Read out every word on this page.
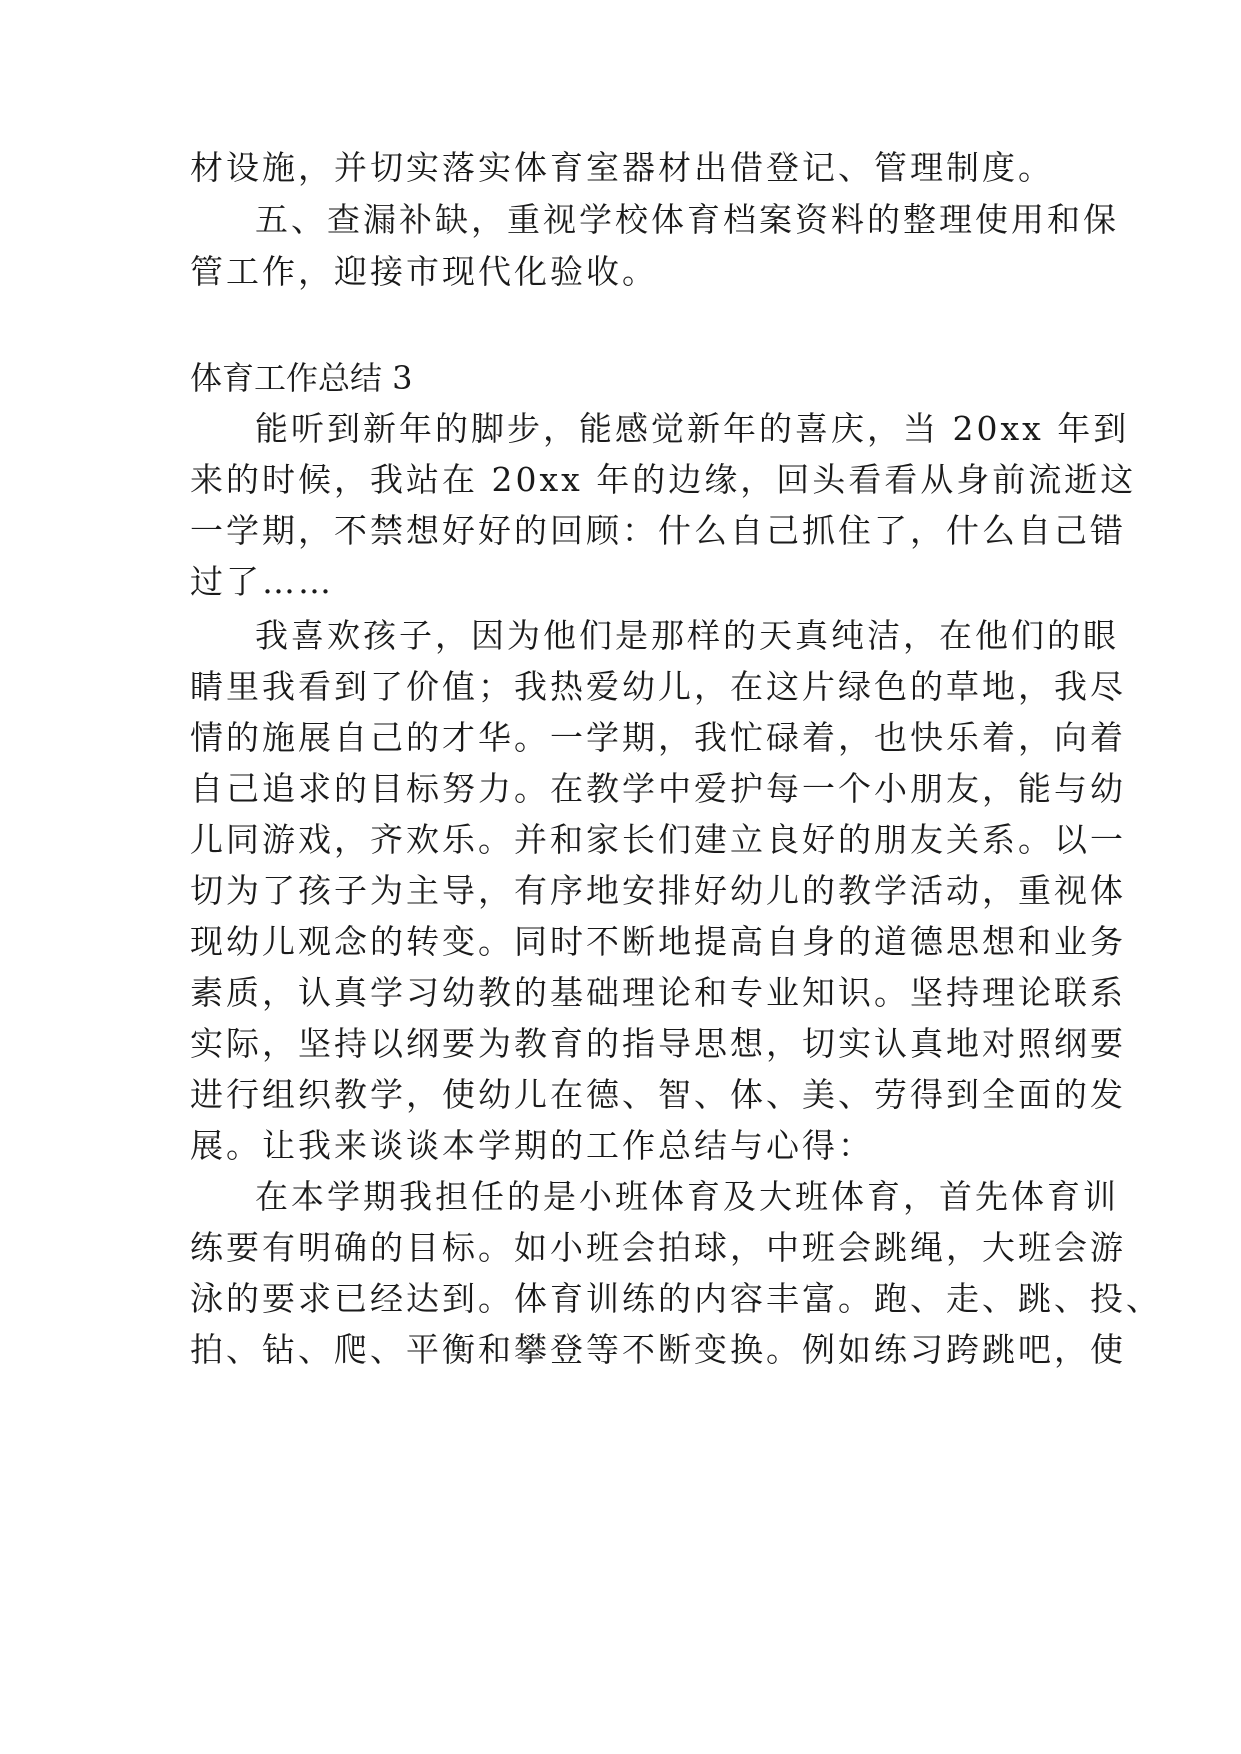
材设施，并切实落实体育室器材出借登记、管理制度。
五、查漏补缺，重视学校体育档案资料的整理使用和保
管工作，迎接市现代化验收。
体育工作总结 3
能听到新年的脚步，能感觉新年的喜庆，当 20xx 年到
来的时候，我站在 20xx 年的边缘，回头看看从身前流逝这
一学期，不禁想好好的回顾：什么自己抓住了，什么自己错
过了……
我喜欢孩子，因为他们是那样的天真纯洁，在他们的眼
睛里我看到了价值；我热爱幼儿，在这片绿色的草地，我尽
情的施展自己的才华。一学期，我忙碌着，也快乐着，向着
自己追求的目标努力。在教学中爱护每一个小朋友，能与幼
儿同游戏，齐欢乐。并和家长们建立良好的朋友关系。以一
切为了孩子为主导，有序地安排好幼儿的教学活动，重视体
现幼儿观念的转变。同时不断地提高自身的道德思想和业务
素质，认真学习幼教的基础理论和专业知识。坚持理论联系
实际，坚持以纲要为教育的指导思想，切实认真地对照纲要
进行组织教学，使幼儿在德、智、体、美、劳得到全面的发
展。让我来谈谈本学期的工作总结与心得：
在本学期我担任的是小班体育及大班体育，首先体育训
练要有明确的目标。如小班会拍球，中班会跳绳，大班会游
泳的要求已经达到。体育训练的内容丰富。跑、走、跳、投、
拍、钻、爬、平衡和攀登等不断变换。例如练习跨跳吧，使
